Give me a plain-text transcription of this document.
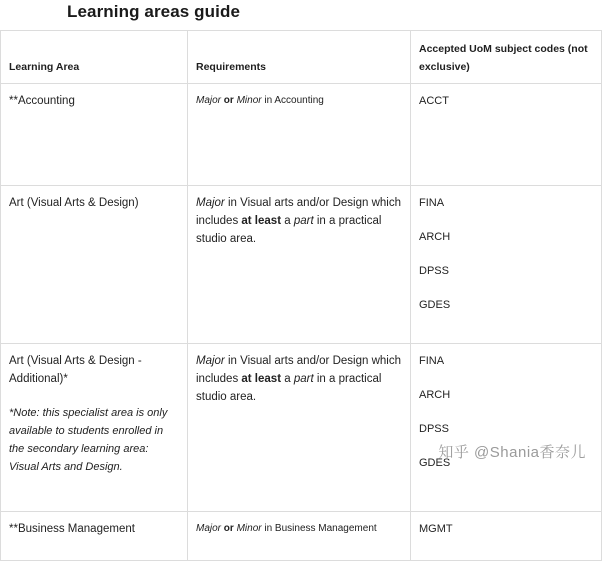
Learning areas guide
Learning Area	Requirements	Accepted UoM subject codes (not exclusive)
**Accounting	Major or Minor in Accounting	ACCT

Art (Visual Arts & Design)	Major in Visual arts and/or Design which includes at least a part in a practical studio area.	FINA
ARCH
DPSS
GDES

Art (Visual Arts & Design - Additional)*
*Note: this specialist area is only available to students enrolled in the secondary learning area: Visual Arts and Design.	Major in Visual arts and/or Design which includes at least a part in a practical studio area.	FINA
ARCH
DPSS
GDES

**Business Management	Major or Minor in Business Management	MGMT
知乎 @Shania香奈儿
